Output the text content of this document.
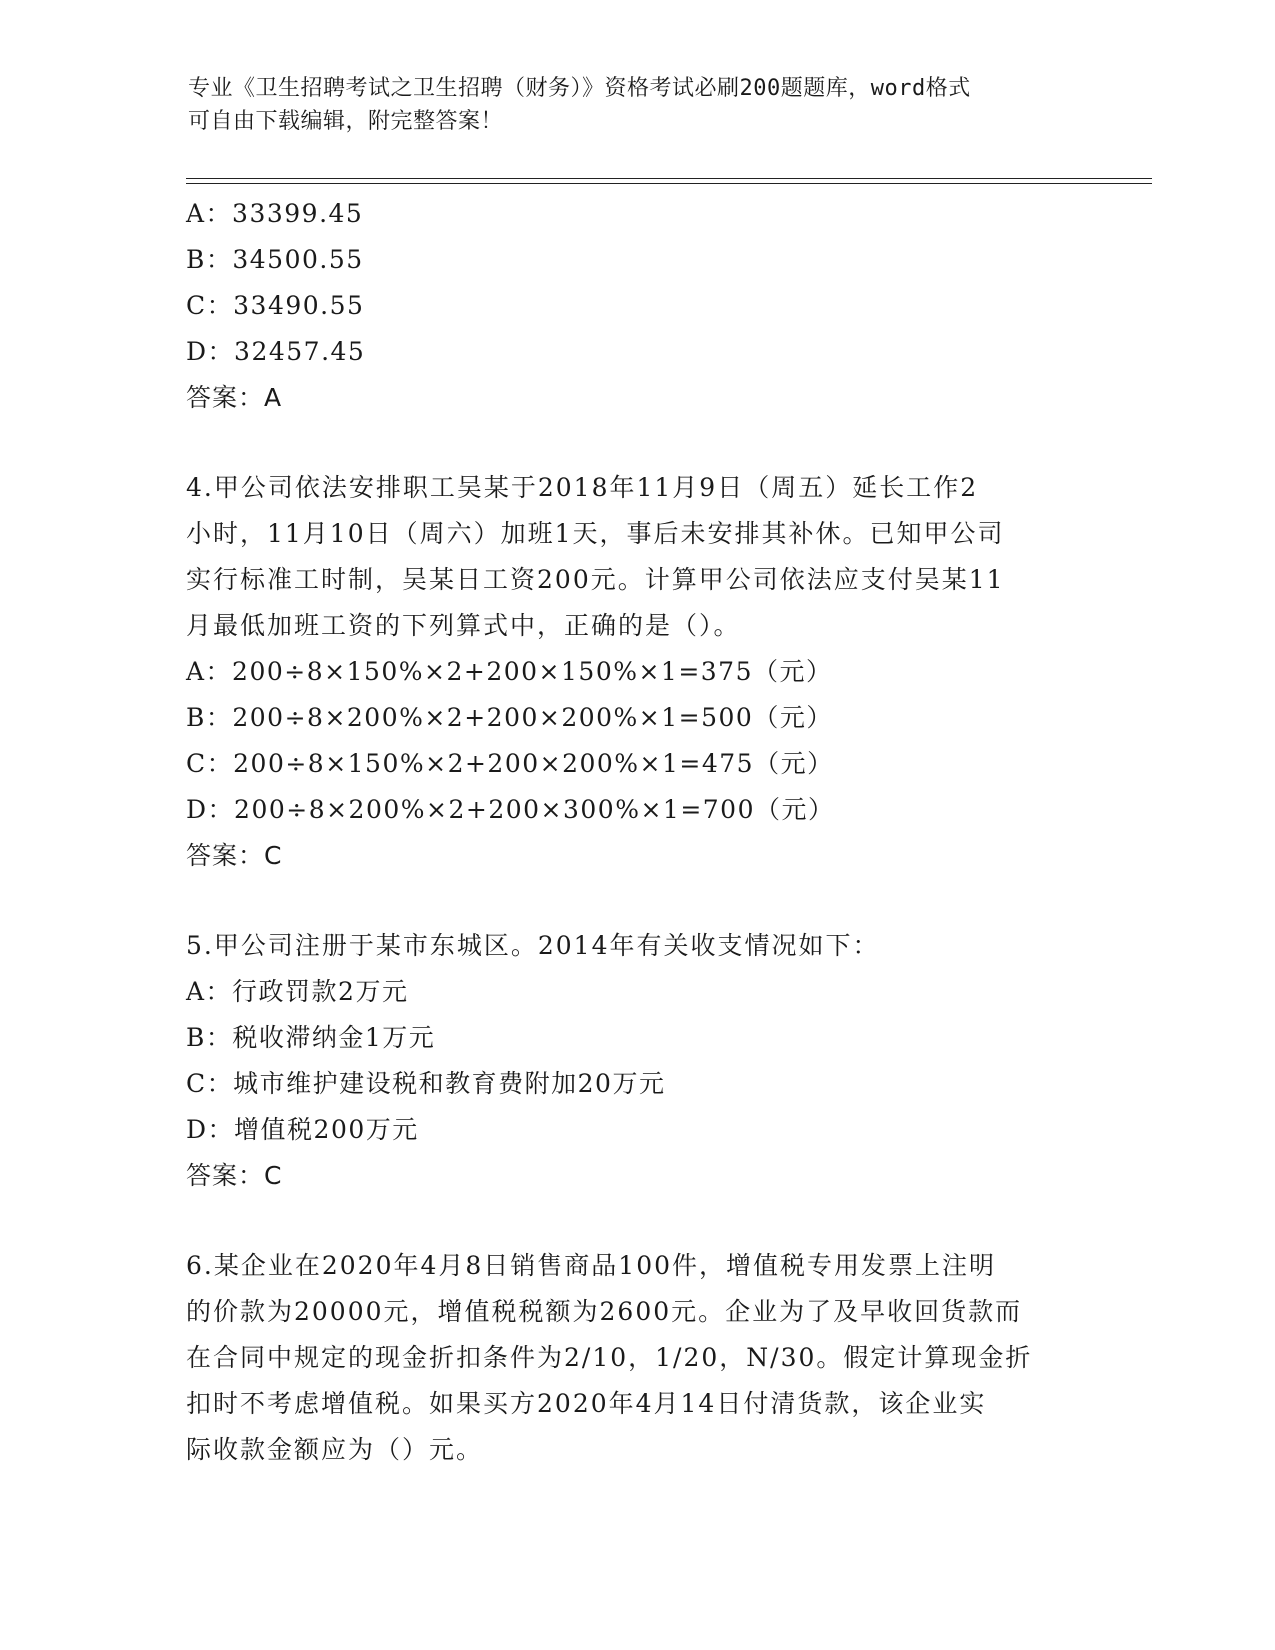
专业《卫生招聘考试之卫生招聘（财务）》资格考试必刷200题题库，word格式
可自由下载编辑，附完整答案！
A：33399.45
B：34500.55
C：33490.55
D：32457.45
答案：A
4.甲公司依法安排职工吴某于2018年11月9日（周五）延长工作2
小时，11月10日（周六）加班1天，事后未安排其补休。已知甲公司
实行标准工时制，吴某日工资200元。计算甲公司依法应支付吴某11
月最低加班工资的下列算式中，正确的是（）。
A：200÷8×150%×2+200×150%×1=375（元）
B：200÷8×200%×2+200×200%×1=500（元）
C：200÷8×150%×2+200×200%×1=475（元）
D：200÷8×200%×2+200×300%×1=700（元）
答案：C
5.甲公司注册于某市东城区。2014年有关收支情况如下：
A：行政罚款2万元
B：税收滞纳金1万元
C：城市维护建设税和教育费附加20万元
D：增值税200万元
答案：C
6.某企业在2020年4月8日销售商品100件，增值税专用发票上注明
的价款为20000元，增值税税额为2600元。企业为了及早收回货款而
在合同中规定的现金折扣条件为2/10，1/20，N/30。假定计算现金折
扣时不考虑增值税。如果买方2020年4月14日付清货款，该企业实
际收款金额应为（）元。
